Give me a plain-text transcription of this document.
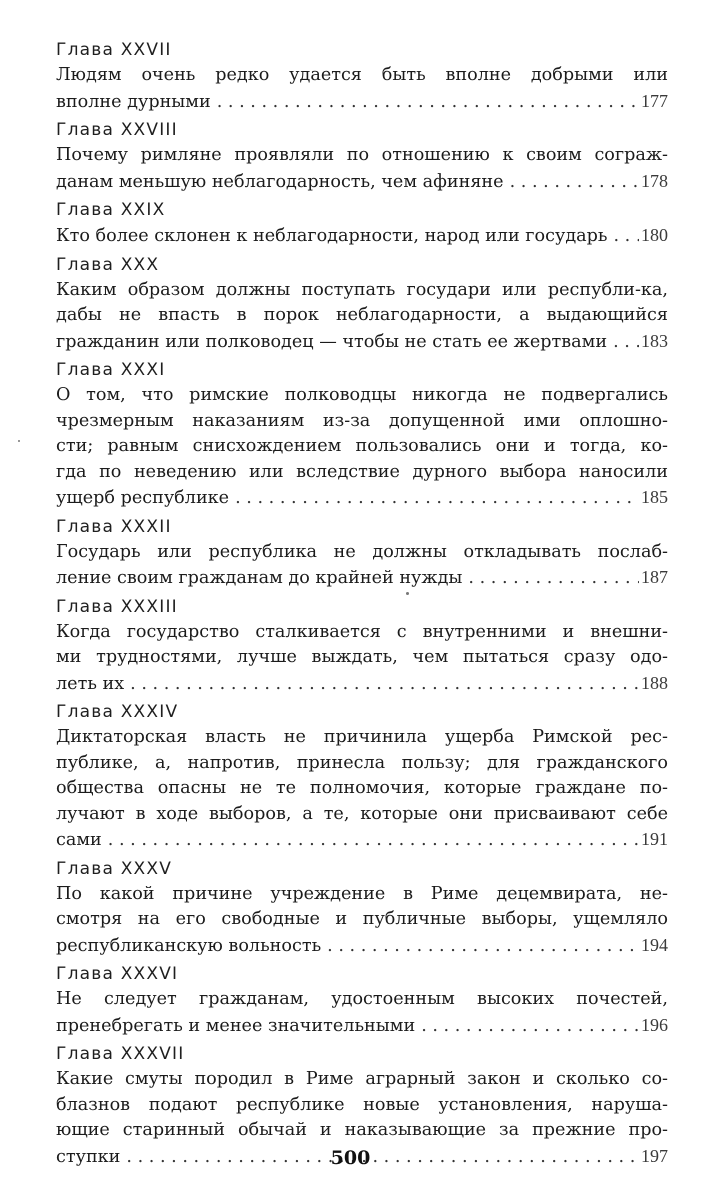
Глава XXVII
Людям очень редко удается быть вполне добрыми или
вполне дурными . . .	177
Глава XXVIII
Почему римляне проявляли по отношению к своим сограж-
данам меньшую неблагодарность, чем афиняне . . .	178
Глава XXIX
Кто более склонен к неблагодарности, народ или государь . . . 180
Глава XXX
Каким образом должны поступать государи или республи-ка,
дабы не впасть в порок неблагодарности, а выдающийся
гражданин или полководец — чтобы не стать ее жертвами . . . 183
Глава XXXI
О том, что римские полководцы никогда не подвергались
чрезмерным наказаниям из-за допущенной ими оплошно-
сти; равным снисхождением пользовались они и тогда, ко-
гда по неведению или вследствие дурного выбора наносили
ущерб республике . . .	185
Глава XXXII
Государь или республика не должны откладывать послаб-
ление своим гражданам до крайней нужды . . .	187
Глава XXXIII
Когда государство сталкивается с внутренними и внешни-
ми трудностями, лучше выждать, чем пытаться сразу одо-
леть их . . .	188
Глава XXXIV
Диктаторская власть не причинила ущерба Римской рес-
публике, а, напротив, принесла пользу; для гражданского
общества опасны не те полномочия, которые граждане по-
лучают в ходе выборов, а те, которые они присваивают себе
сами . . .	191
Глава XXXV
По какой причине учреждение в Риме децемвирата, не-
смотря на его свободные и публичные выборы, ущемляло
республиканскую вольность . . .	194
Глава XXXVI
Не следует гражданам, удостоенным высоких почестей,
пренебрегать и менее значительными . . .	196
Глава XXXVII
Какие смуты породил в Риме аграрный закон и сколько со-
блазнов подают республике новые установления, наруша-
ющие старинный обычай и наказывающие за прежние про-
ступки . . .	197
500
